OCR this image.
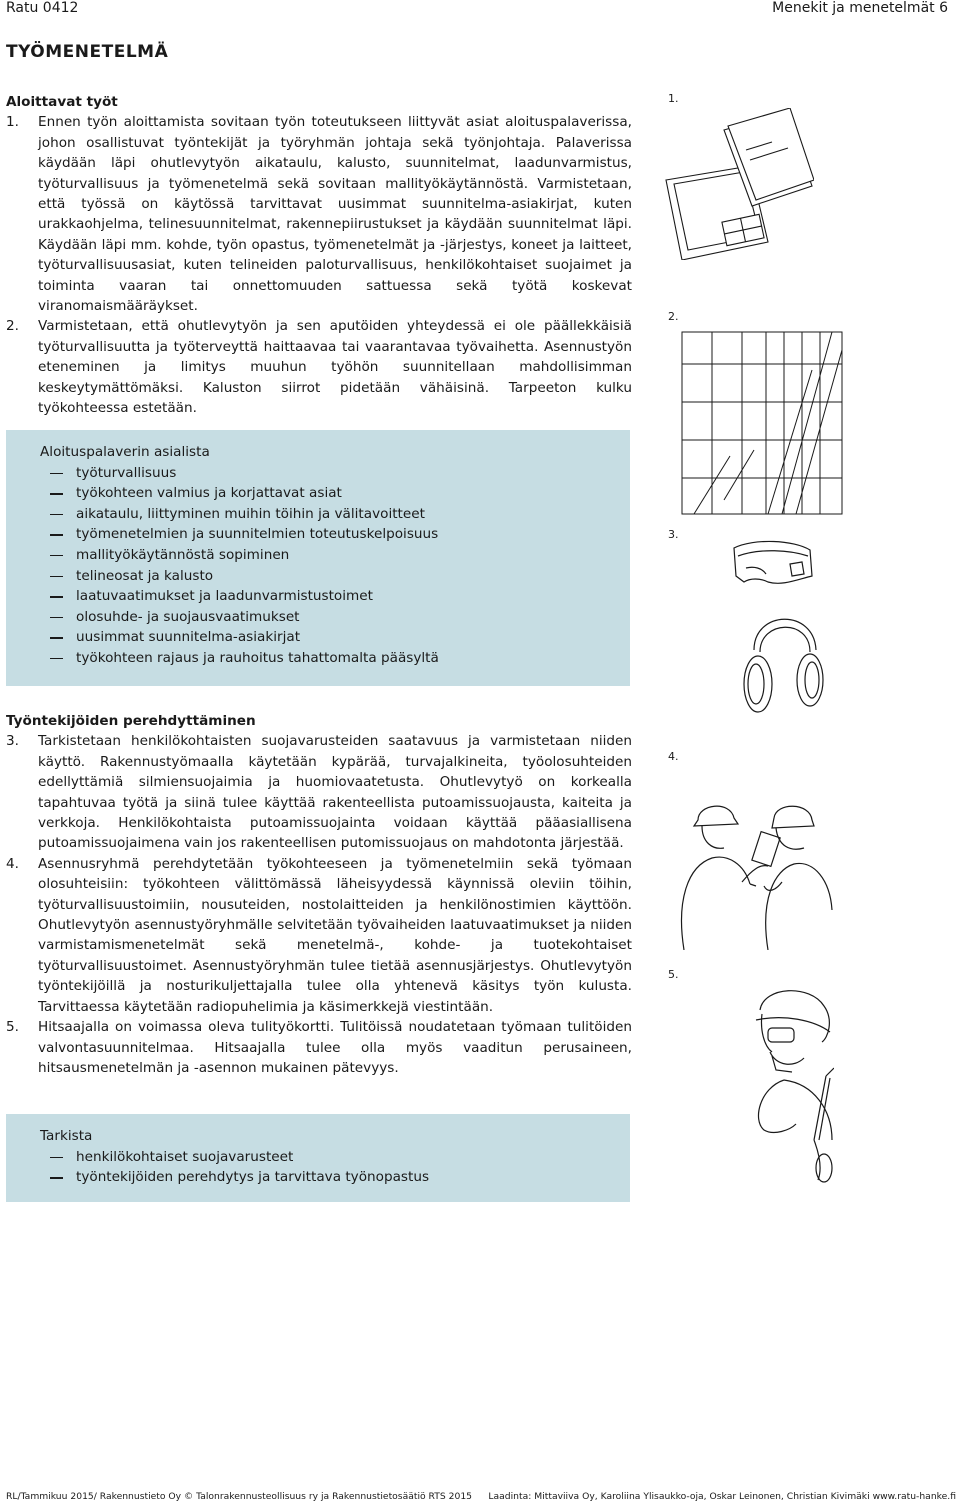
Ratu 0412	Menekit ja menetelmät 6
TYÖMENETELMÄ
Aloittavat työt
1. Ennen työn aloittamista sovitaan työn toteutukseen liittyvät asiat aloituspalaverissa, johon osallistuvat työntekijät ja työryhmän johtaja sekä työnjohtaja. Palaverissa käydään läpi ohutlevytyön aikataulu, kalusto, suunnitelmat, laadunvarmistus, työturvallisuus ja työmenetelmä sekä sovitaan mallityökäytännöstä. Varmistetaan, että työssä on käytössä tarvittavat uusimmat suunnitelma-asiakirjat, kuten urakkaohjelma, telinesuunnitelmat, rakennepiirustukset ja käydään suunnitelmat läpi. Käydään läpi mm. kohde, työn opastus, työmenetelmät ja -järjestys, koneet ja laitteet, työturvallisuusasiat, kuten telineiden paloturvallisuus, henkilökohtaiset suojaimet ja toiminta vaaran tai onnettomuuden sattuessa sekä työtä koskevat viranomaismääräykset.
2. Varmistetaan, että ohutlevytyön ja sen aputöiden yhteydessä ei ole päällekkäisiä työturvallisuutta ja työterveyttä haittaavaa tai vaarantavaa työvaihetta. Asennustyön eteneminen ja limitys muuhun työhön suunnitellaan mahdollisimman keskeytymättömäksi. Kaluston siirrot pidetään vähäisinä. Tarpeeton kulku työkohteessa estetään.
Aloituspalaverin asialista
työturvallisuus
työkohteen valmius ja korjattavat asiat
aikataulu, liittyminen muihin töihin ja välitavoitteet
työmenetelmien ja suunnitelmien toteutuskelpoisuus
mallityökäytännöstä sopiminen
telineosat ja kalusto
laatuvaatimukset ja laadunvarmistustoimet
olosuhde- ja suojausvaatimukset
uusimmat suunnitelma-asiakirjat
työkohteen rajaus ja rauhoitus tahattomalta pääsyltä
Työntekijöiden perehdyttäminen
3. Tarkistetaan henkilökohtaisten suojavarusteiden saatavuus ja varmistetaan niiden käyttö. Rakennustyömaalla käytetään kypärää, turvajalkineita, työolosuhteiden edellyttämiä silmiensuojaimia ja huomiovaatetusta. Ohutlevytyö on korkealla tapahtuvaa työtä ja siinä tulee käyttää rakenteellista putoamissuojausta, kaiteita ja verkkoja. Henkilökohtaista putoamissuojainta voidaan käyttää pääasiallisena putoamissuojaimena vain jos rakenteellisen putomissuojaus on mahdotonta järjestää.
4. Asennusryhmä perehdytetään työkohteeseen ja työmenetelmiin sekä työmaan olosuhteisiin: työkohteen välittömässä läheisyydessä käynnissä oleviin töihin, työturvallisuustoimiin, nousuteiden, nostolaitteiden ja henkilönostimien käyttöön. Ohutlevytyön asennustyöryhmälle selvitetään työvaiheiden laatuvaatimukset ja niiden varmistamismenetelmät sekä menetelmä-, kohde- ja tuotekohtaiset työturvallisuustoimet. Asennustyöryhmän tulee tietää asennusjärjestys. Ohutlevytyön työntekijöillä ja nosturikuljettajalla tulee olla yhtenevä käsitys työn kulusta. Tarvittaessa käytetään radiopuhelimia ja käsimerkkejä viestintään.
5. Hitsaajalla on voimassa oleva tulityökortti. Tulitöissä noudatetaan työmaan tulitöiden valvontasuunnitelmaa. Hitsaajalla tulee olla myös vaaditun perusaineen, hitsausmenetelmän ja -asennon mukainen pätevyys.
Tarkista
henkilökohtaiset suojavarusteet
työntekijöiden perehdytys ja tarvittava työnopastus
1.
2.
3.
4.
5.
RL/Tammikuu 2015/ Rakennustieto Oy © Talonrakennusteollisuus ry ja Rakennustietosäätiö RTS 2015 Laadinta: Mittaviiva Oy, Karoliina Ylisaukko-oja, Oskar Leinonen, Christian Kivimäki www.ratu-hanke.fi
